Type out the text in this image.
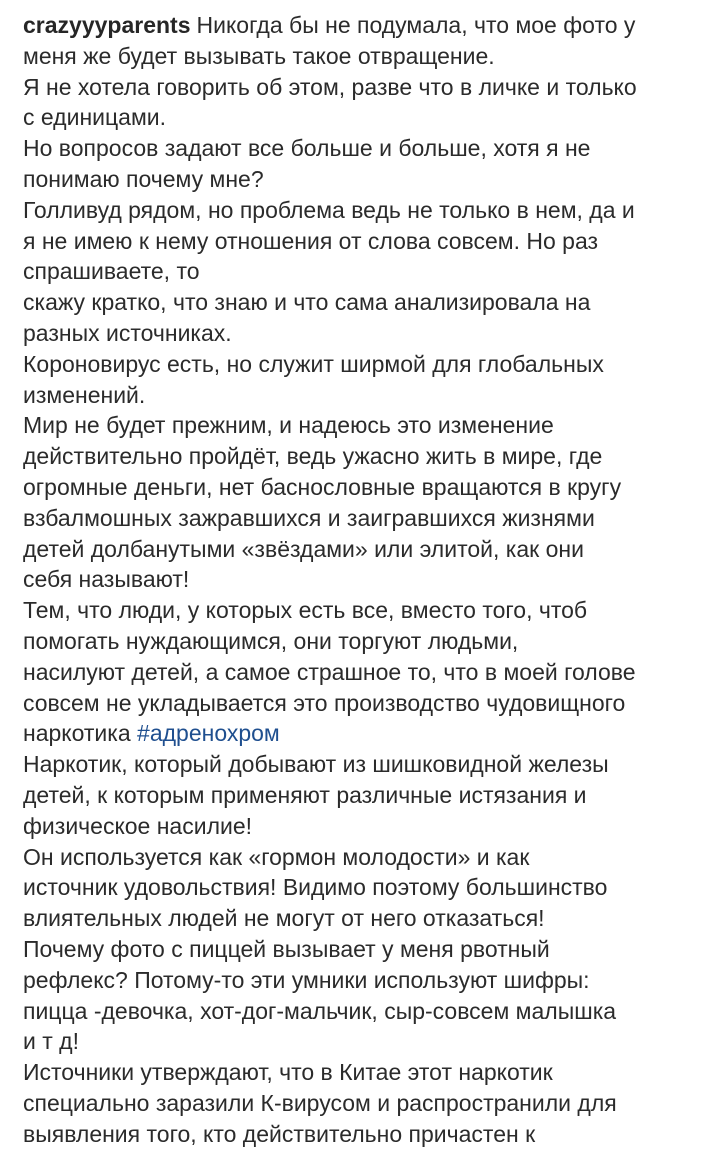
crazyyyparents Никогда бы не подумала, что мое фото у
меня же будет вызывать такое отвращение.
Я не хотела говорить об этом, разве что в личке и только
с единицами.
Но вопросов задают все больше и больше, хотя я не
понимаю почему мне?
Голливуд рядом, но проблема ведь не только в нем, да и
я не имею к нему отношения от слова совсем. Но раз
спрашиваете, то
скажу кратко, что знаю и что сама анализировала на
разных источниках.
Короновирус есть, но служит ширмой для глобальных
изменений.
Мир не будет прежним, и надеюсь это изменение
действительно пройдёт, ведь ужасно жить в мире, где
огромные деньги, нет баснословные вращаются в кругу
взбалмошных зажравшихся и заигравшихся жизнями
детей долбанутыми «звёздами» или элитой, как они
себя называют!
Тем, что люди, у которых есть все, вместо того, чтоб
помогать нуждающимся, они торгуют людьми,
насилуют детей, а самое страшное то, что в моей голове
совсем не укладывается это производство чудовищного
наркотика #адренохром
Наркотик, который добывают из шишковидной железы
детей, к которым применяют различные истязания и
физическое насилие!
Он используется как «гормон молодости» и как
источник удовольствия! Видимо поэтому большинство
влиятельных людей не могут от него отказаться!
Почему фото с пиццей вызывает у меня рвотный
рефлекс? Потому-то эти умники используют шифры:
пицца -девочка, хот-дог-мальчик, сыр-совсем малышка
и т д!
Источники утверждают, что в Китае этот наркотик
специально заразили К-вирусом и распространили для
выявления того, кто действительно причастен к
